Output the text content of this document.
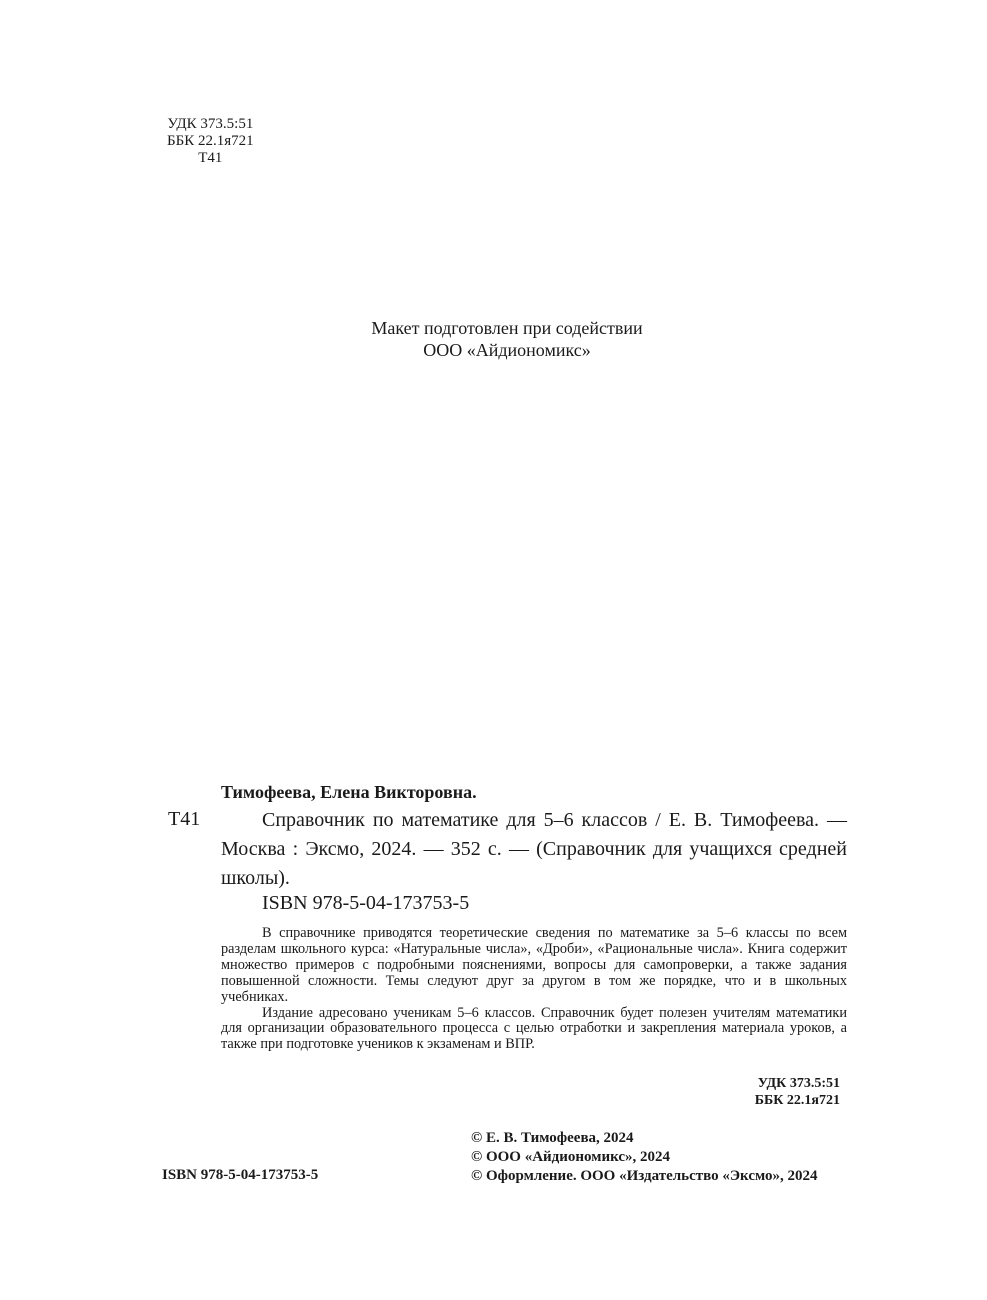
УДК 373.5:51
ББК 22.1я721
Т41
Макет подготовлен при содействии
ООО «Айдиономикс»
Тимофеева, Елена Викторовна.
Т41	Справочник по математике для 5–6 классов / Е. В. Тимофеева. — Москва : Эксмо, 2024. — 352 с. — (Справочник для учащихся средней школы).
ISBN 978-5-04-173753-5

В справочнике приводятся теоретические сведения по математике за 5–6 классы по всем разделам школьного курса: «Натуральные числа», «Дроби», «Рациональные числа». Книга содержит множество примеров с подробными пояснениями, вопросы для самопроверки, а также задания повышенной сложности. Темы следуют друг за другом в том же порядке, что и в школьных учебниках.

Издание адресовано ученикам 5–6 классов. Справочник будет полезен учителям математики для организации образовательного процесса с целью отработки и закрепления материала уроков, а также при подготовке учеников к экзаменам и ВПР.

УДК 373.5:51
ББК 22.1я721
© Е. В. Тимофеева, 2024
© ООО «Айдиономикс», 2024
© Оформление. ООО «Издательство «Эксмо», 2024
ISBN 978-5-04-173753-5
